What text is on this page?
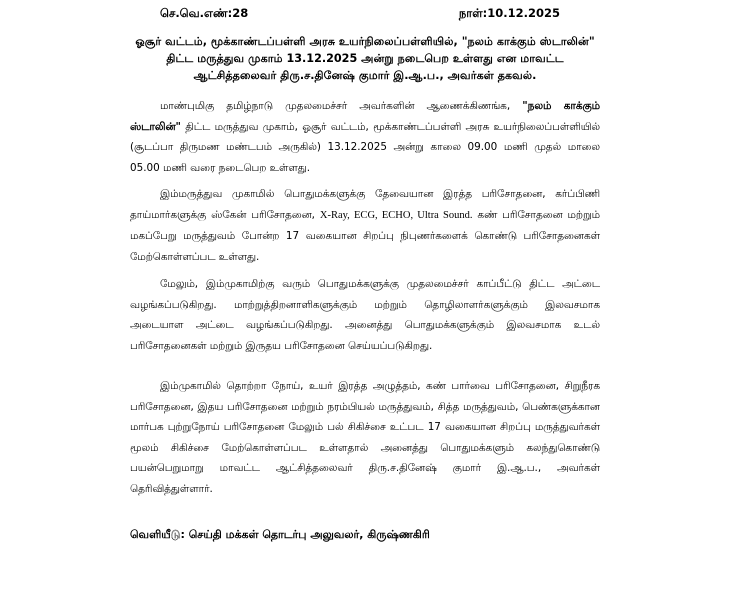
செ.வெ.எண்:28	நாள்:10.12.2025
ஓசூர் வட்டம், மூக்காண்டப்பள்ளி அரசு உயர்நிலைப்பள்ளியில், "நலம் காக்கும் ஸ்டாலின்" திட்ட மருத்துவ முகாம் 13.12.2025 அன்று நடைபெற உள்ளது என மாவட்ட ஆட்சித்தலைவர் திரு.ச.தினேஷ் குமார் இ.ஆ.ப., அவர்கள் தகவல்.

மாண்புமிகு தமிழ்நாடு முதலமைச்சர் அவர்களின் ஆணைக்கிணங்க, "நலம் காக்கும் ஸ்டாலின்" திட்ட மருத்துவ முகாம், ஓசூர் வட்டம், மூக்காண்டப்பள்ளி அரசு உயர்நிலைப்பள்ளியில் (சூடப்பா திருமண மண்டபம் அருகில்) 13.12.2025 அன்று காலை 09.00 மணி முதல் மாலை 05.00 மணி வரை நடைபெற உள்ளது.

இம்மருத்துவ முகாமில் பொதுமக்களுக்கு தேவையான இரத்த பரிசோதனை, கர்ப்பிணி தாய்மார்களுக்கு ஸ்கேன் பரிசோதனை, X-Ray, ECG, ECHO, Ultra Sound. கண் பரிசோதனை மற்றும் மகப்பேறு மருத்துவம் போன்ற 17 வகையான சிறப்பு நிபுணர்களைக் கொண்டு பரிசோதனைகள் மேற்கொள்ளப்பட உள்ளது.

மேலும், இம்முகாமிற்கு வரும் பொதுமக்களுக்கு முதலமைச்சர் காப்பீட்டு திட்ட அட்டை வழங்கப்படுகிறது. மாற்றுத்திறனாளிகளுக்கும் மற்றும் தொழிலாளர்களுக்கும் இலவசமாக அடையாள அட்டை வழங்கப்படுகிறது. அனைத்து பொதுமக்களுக்கும் இலவசமாக உடல் பரிசோதனைகள் மற்றும் இருதய பரிசோதனை செய்யப்படுகிறது.

இம்முகாமில் தொற்றா நோய், உயர் இரத்த அழுத்தம், கண் பார்வை பரிசோதனை, சிறுநீரக பரிசோதனை, இதய பரிசோதனை மற்றும் நரம்பியல் மருத்துவம், சித்த மருத்துவம், பெண்களுக்கான மார்பக புற்றுநோய் பரிசோதனை மேலும் பல் சிகிச்சை உட்பட 17 வகையான சிறப்பு மருத்துவர்கள் மூலம் சிகிச்சை மேற்கொள்ளப்பட உள்ளதால் அனைத்து பொதுமக்களும் கலந்துகொண்டு பயன்பெறுமாறு மாவட்ட ஆட்சித்தலைவர் திரு.ச.தினேஷ் குமார் இ.ஆ.ப., அவர்கள் தெரிவித்துள்ளார்.

வெளியீடு: செய்தி மக்கள் தொடர்பு அலுவலர், கிருஷ்ணகிரி
